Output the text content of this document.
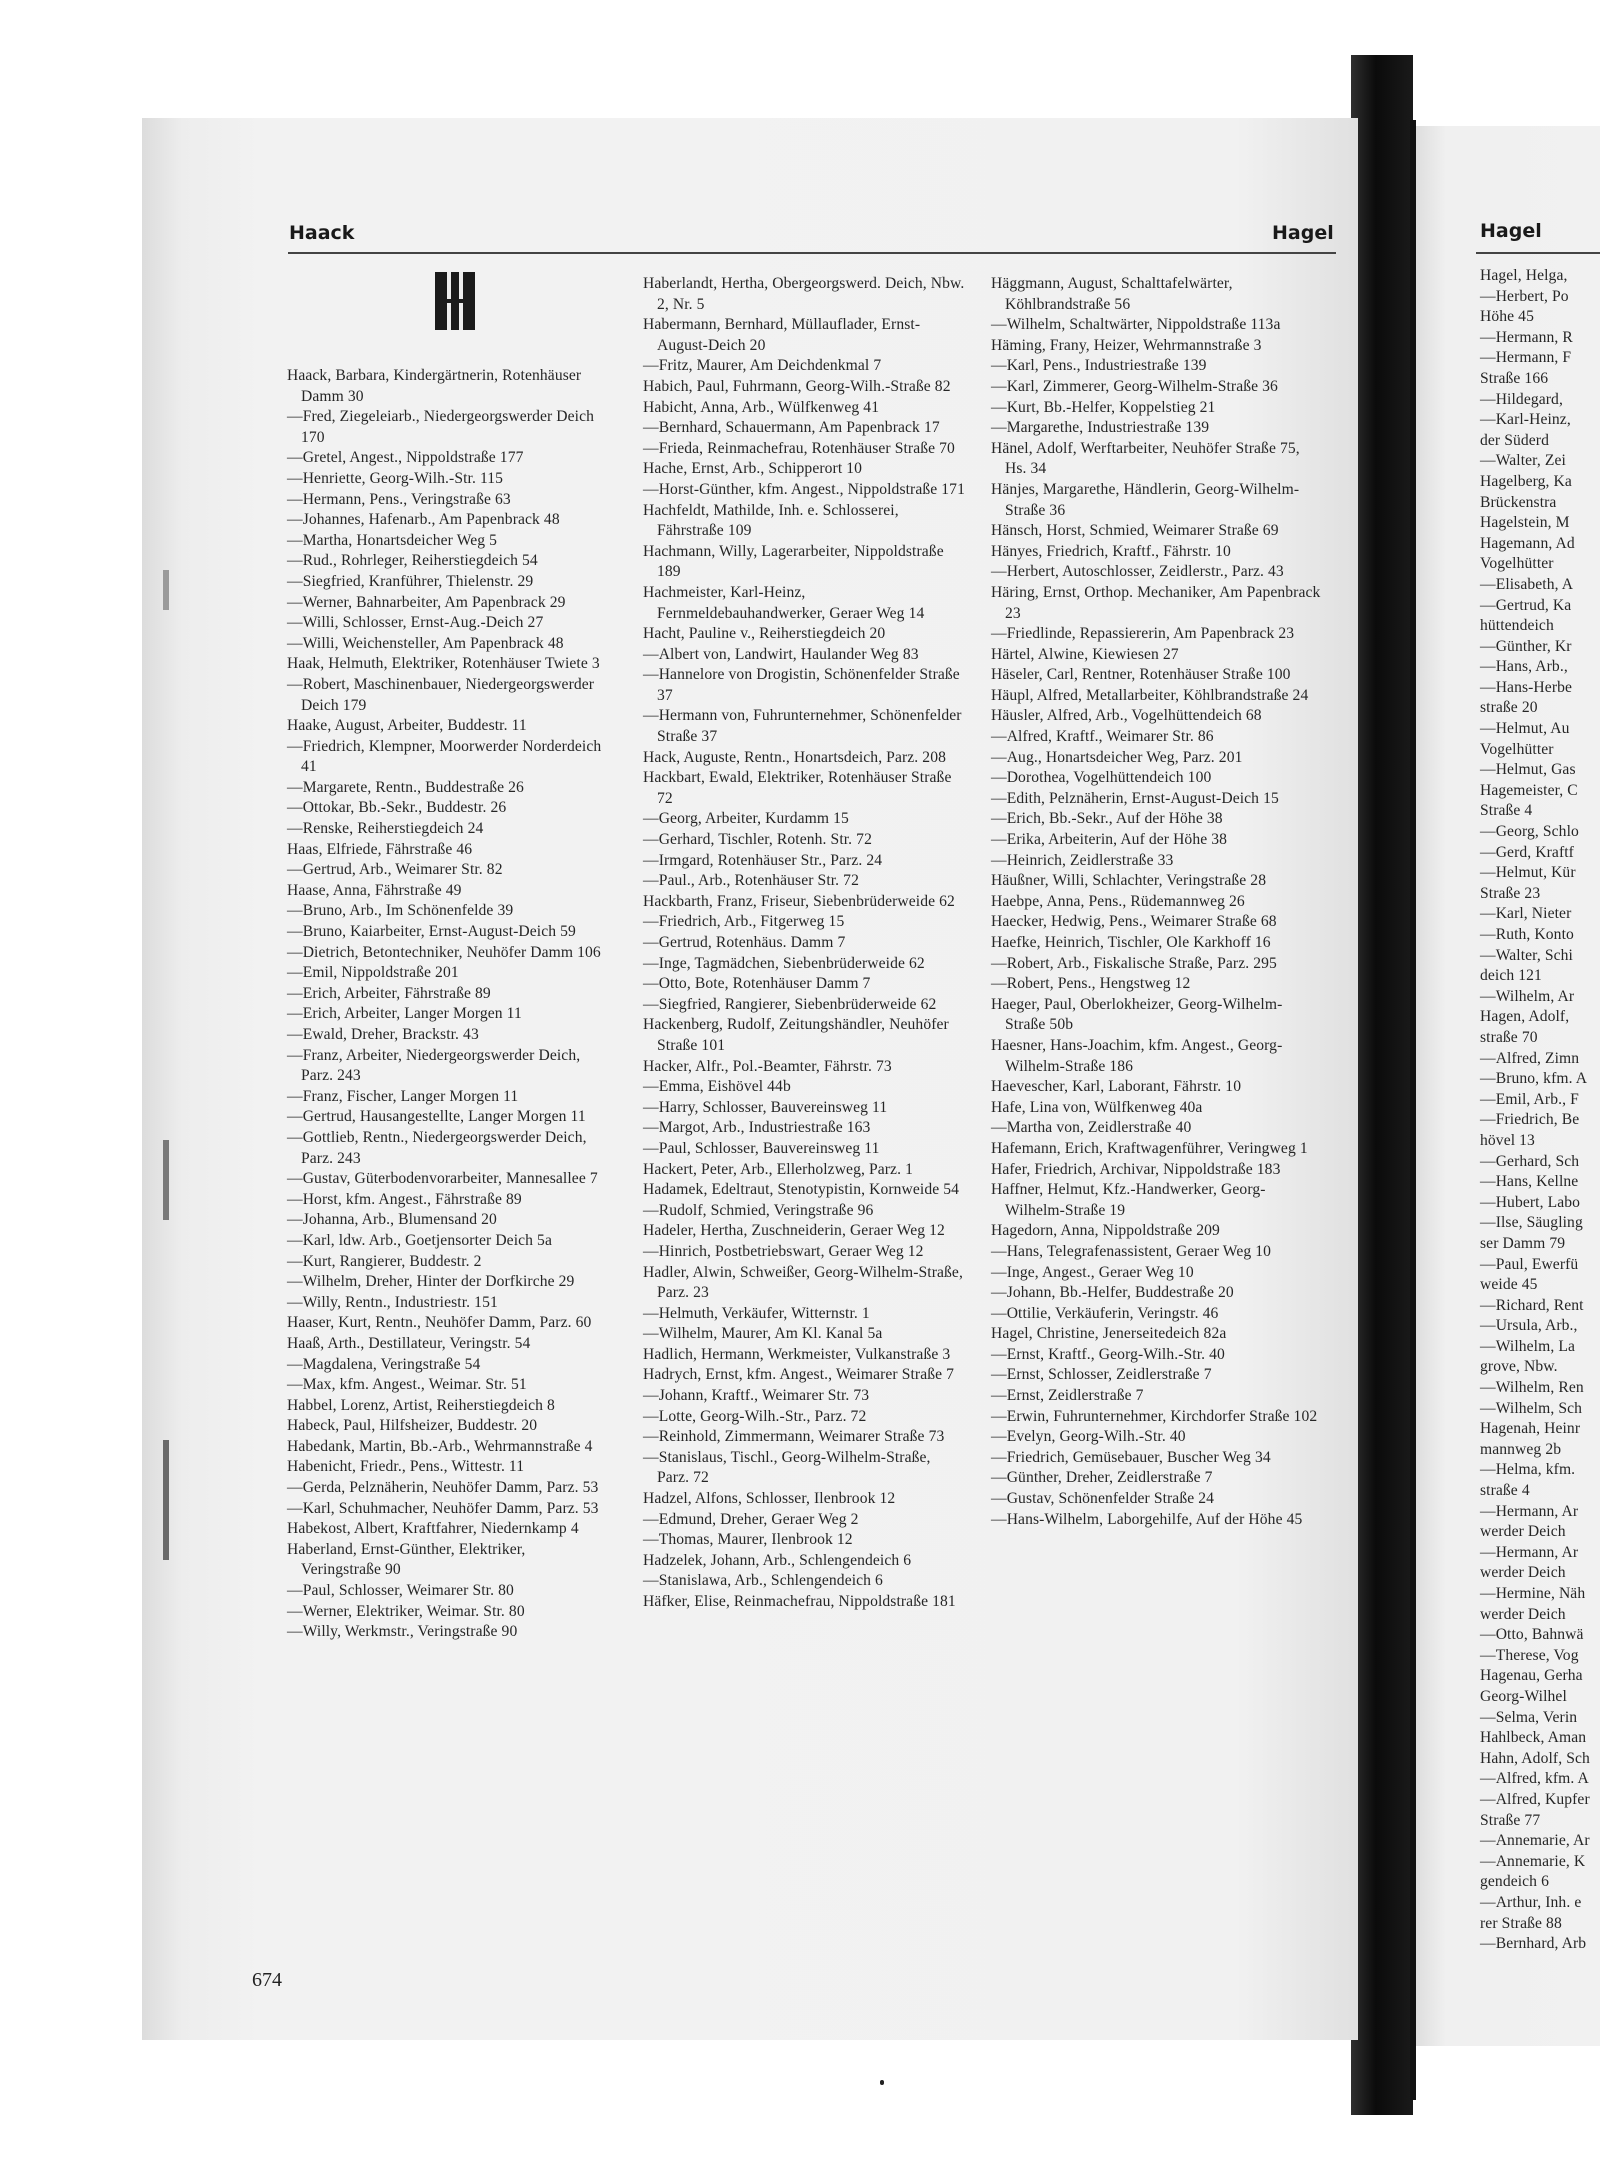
Hagel, Helga,
—Herbert, Po
Höhe 45
—Hermann, R
—Hermann, F
Straße 166
—Hildegard,
—Karl-Heinz,
der Süderd
—Walter, Zei
Hagelberg, Ka
Brückenstra
Hagelstein, M
Hagemann, Ad
Vogelhütter
—Elisabeth, A
—Gertrud, Ka
hüttendeich
—Günther, Kr
—Hans, Arb.,
—Hans-Herbe
straße 20
—Helmut, Au
Vogelhütter
—Helmut, Gas
Hagemeister, C
Straße 4
—Georg, Schlo
—Gerd, Kraftf
—Helmut, Kür
Straße 23
—Karl, Nieter
—Ruth, Konto
—Walter, Schi
deich 121
—Wilhelm, Ar
Hagen, Adolf,
straße 70
—Alfred, Zimn
—Bruno, kfm. A
—Emil, Arb., F
—Friedrich, Be
hövel 13
—Gerhard, Sch
—Hans, Kellne
—Hubert, Labo
—Ilse, Säugling
ser Damm 79
—Paul, Ewerfü
weide 45
—Richard, Rent
—Ursula, Arb.,
—Wilhelm, La
grove, Nbw.
—Wilhelm, Ren
—Wilhelm, Sch
Hagenah, Heinr
mannweg 2b
—Helma, kfm.
straße 4
—Hermann, Ar
werder Deich
—Hermann, Ar
werder Deich
—Hermine, Näh
werder Deich
—Otto, Bahnwä
—Therese, Vog
Hagenau, Gerha
Georg-Wilhel
—Selma, Verin
Hahlbeck, Aman
Hahn, Adolf, Sch
—Alfred, kfm. A
—Alfred, Kupfer
Straße 77
—Annemarie, Ar
—Annemarie, K
gendeich 6
—Arthur, Inh. e
rer Straße 88
—Bernhard, Arb
Haack	Hagel	Hagel
Haack, Barbara, Kindergärtnerin, Rotenhäuser Damm 30
—Fred, Ziegeleiarb., Niedergeorgswerder Deich 170
—Gretel, Angest., Nippoldstraße 177
—Henriette, Georg-Wilh.-Str. 115
—Hermann, Pens., Veringstraße 63
—Johannes, Hafenarb., Am Papenbrack 48
—Martha, Honartsdeicher Weg 5
—Rud., Rohrleger, Reiherstiegdeich 54
—Siegfried, Kranführer, Thielenstr. 29
—Werner, Bahnarbeiter, Am Papenbrack 29
—Willi, Schlosser, Ernst-Aug.-Deich 27
—Willi, Weichensteller, Am Papenbrack 48
Haak, Helmuth, Elektriker, Rotenhäuser Twiete 3
—Robert, Maschinenbauer, Niedergeorgswerder Deich 179
Haake, August, Arbeiter, Buddestr. 11
—Friedrich, Klempner, Moorwerder Norderdeich 41
—Margarete, Rentn., Buddestraße 26
—Ottokar, Bb.-Sekr., Buddestr. 26
—Renske, Reiherstiegdeich 24
Haas, Elfriede, Fährstraße 46
—Gertrud, Arb., Weimarer Str. 82
Haase, Anna, Fährstraße 49
—Bruno, Arb., Im Schönenfelde 39
—Bruno, Kaiarbeiter, Ernst-August-Deich 59
—Dietrich, Betontechniker, Neuhöfer Damm 106
—Emil, Nippoldstraße 201
—Erich, Arbeiter, Fährstraße 89
—Erich, Arbeiter, Langer Morgen 11
—Ewald, Dreher, Brackstr. 43
—Franz, Arbeiter, Niedergeorgswerder Deich, Parz. 243
—Franz, Fischer, Langer Morgen 11
—Gertrud, Hausangestellte, Langer Morgen 11
—Gottlieb, Rentn., Niedergeorgswerder Deich, Parz. 243
—Gustav, Güterbodenvorarbeiter, Mannesallee 7
—Horst, kfm. Angest., Fährstraße 89
—Johanna, Arb., Blumensand 20
—Karl, ldw. Arb., Goetjensorter Deich 5a
—Kurt, Rangierer, Buddestr. 2
—Wilhelm, Dreher, Hinter der Dorfkirche 29
—Willy, Rentn., Industriestr. 151
Haaser, Kurt, Rentn., Neuhöfer Damm, Parz. 60
Haaß, Arth., Destillateur, Veringstr. 54
—Magdalena, Veringstraße 54
—Max, kfm. Angest., Weimar. Str. 51
Habbel, Lorenz, Artist, Reiherstiegdeich 8
Habeck, Paul, Hilfsheizer, Buddestr. 20
Habedank, Martin, Bb.-Arb., Wehrmannstraße 4
Habenicht, Friedr., Pens., Wittestr. 11
—Gerda, Pelznäherin, Neuhöfer Damm, Parz. 53
—Karl, Schuhmacher, Neuhöfer Damm, Parz. 53
Habekost, Albert, Kraftfahrer, Niedernkamp 4
Haberland, Ernst-Günther, Elektriker, Veringstraße 90
—Paul, Schlosser, Weimarer Str. 80
—Werner, Elektriker, Weimar. Str. 80
—Willy, Werkmstr., Veringstraße 90
Haberlandt, Hertha, Obergeorgswerd. Deich, Nbw. 2, Nr. 5
Habermann, Bernhard, Müllauflader, Ernst-August-Deich 20
—Fritz, Maurer, Am Deichdenkmal 7
Habich, Paul, Fuhrmann, Georg-Wilh.-Straße 82
Habicht, Anna, Arb., Wülfkenweg 41
—Bernhard, Schauermann, Am Papenbrack 17
—Frieda, Reinmachefrau, Rotenhäuser Straße 70
Hache, Ernst, Arb., Schipperort 10
—Horst-Günther, kfm. Angest., Nippoldstraße 171
Hachfeldt, Mathilde, Inh. e. Schlosserei, Fährstraße 109
Hachmann, Willy, Lagerarbeiter, Nippoldstraße 189
Hachmeister, Karl-Heinz, Fernmeldebauhandwerker, Geraer Weg 14
Hacht, Pauline v., Reiherstiegdeich 20
—Albert von, Landwirt, Haulander Weg 83
—Hannelore von Drogistin, Schönenfelder Straße 37
—Hermann von, Fuhrunternehmer, Schönenfelder Straße 37
Hack, Auguste, Rentn., Honartsdeich, Parz. 208
Hackbart, Ewald, Elektriker, Rotenhäuser Straße 72
—Georg, Arbeiter, Kurdamm 15
—Gerhard, Tischler, Rotenh. Str. 72
—Irmgard, Rotenhäuser Str., Parz. 24
—Paul., Arb., Rotenhäuser Str. 72
Hackbarth, Franz, Friseur, Siebenbrüderweide 62
—Friedrich, Arb., Fitgerweg 15
—Gertrud, Rotenhäus. Damm 7
—Inge, Tagmädchen, Siebenbrüderweide 62
—Otto, Bote, Rotenhäuser Damm 7
—Siegfried, Rangierer, Siebenbrüderweide 62
Hackenberg, Rudolf, Zeitungshändler, Neuhöfer Straße 101
Hacker, Alfr., Pol.-Beamter, Fährstr. 73
—Emma, Eishövel 44b
—Harry, Schlosser, Bauvereinsweg 11
—Margot, Arb., Industriestraße 163
—Paul, Schlosser, Bauvereinsweg 11
Hackert, Peter, Arb., Ellerholzweg, Parz. 1
Hadamek, Edeltraut, Stenotypistin, Kornweide 54
—Rudolf, Schmied, Veringstraße 96
Hadeler, Hertha, Zuschneiderin, Geraer Weg 12
—Hinrich, Postbetriebswart, Geraer Weg 12
Hadler, Alwin, Schweißer, Georg-Wilhelm-Straße, Parz. 23
—Helmuth, Verkäufer, Witternstr. 1
—Wilhelm, Maurer, Am Kl. Kanal 5a
Hadlich, Hermann, Werkmeister, Vulkanstraße 3
Hadrych, Ernst, kfm. Angest., Weimarer Straße 7
—Johann, Kraftf., Weimarer Str. 73
—Lotte, Georg-Wilh.-Str., Parz. 72
—Reinhold, Zimmermann, Weimarer Straße 73
—Stanislaus, Tischl., Georg-Wilhelm-Straße, Parz. 72
Hadzel, Alfons, Schlosser, Ilenbrook 12
—Edmund, Dreher, Geraer Weg 2
—Thomas, Maurer, Ilenbrook 12
Hadzelek, Johann, Arb., Schlengendeich 6
—Stanislawa, Arb., Schlengendeich 6
Häfker, Elise, Reinmachefrau, Nippoldstraße 181
Häggmann, August, Schalttafelwärter, Köhlbrandstraße 56
—Wilhelm, Schaltwärter, Nippoldstraße 113a
Häming, Frany, Heizer, Wehrmannstraße 3
—Karl, Pens., Industriestraße 139
—Karl, Zimmerer, Georg-Wilhelm-Straße 36
—Kurt, Bb.-Helfer, Koppelstieg 21
—Margarethe, Industriestraße 139
Hänel, Adolf, Werftarbeiter, Neuhöfer Straße 75, Hs. 34
Hänjes, Margarethe, Händlerin, Georg-Wilhelm-Straße 36
Hänsch, Horst, Schmied, Weimarer Straße 69
Hänyes, Friedrich, Kraftf., Fährstr. 10
—Herbert, Autoschlosser, Zeidlerstr., Parz. 43
Häring, Ernst, Orthop. Mechaniker, Am Papenbrack 23
—Friedlinde, Repassiererin, Am Papenbrack 23
Härtel, Alwine, Kiewiesen 27
Häseler, Carl, Rentner, Rotenhäuser Straße 100
Häupl, Alfred, Metallarbeiter, Köhlbrandstraße 24
Häusler, Alfred, Arb., Vogelhüttendeich 68
—Alfred, Kraftf., Weimarer Str. 86
—Aug., Honartsdeicher Weg, Parz. 201
—Dorothea, Vogelhüttendeich 100
—Edith, Pelznäherin, Ernst-August-Deich 15
—Erich, Bb.-Sekr., Auf der Höhe 38
—Erika, Arbeiterin, Auf der Höhe 38
—Heinrich, Zeidlerstraße 33
Häußner, Willi, Schlachter, Veringstraße 28
Haebpe, Anna, Pens., Rüdemannweg 26
Haecker, Hedwig, Pens., Weimarer Straße 68
Haefke, Heinrich, Tischler, Ole Karkhoff 16
—Robert, Arb., Fiskalische Straße, Parz. 295
—Robert, Pens., Hengstweg 12
Haeger, Paul, Oberlokheizer, Georg-Wilhelm-Straße 50b
Haesner, Hans-Joachim, kfm. Angest., Georg-Wilhelm-Straße 186
Haevescher, Karl, Laborant, Fährstr. 10
Hafe, Lina von, Wülfkenweg 40a
—Martha von, Zeidlerstraße 40
Hafemann, Erich, Kraftwagenführer, Veringweg 1
Hafer, Friedrich, Archivar, Nippoldstraße 183
Haffner, Helmut, Kfz.-Handwerker, Georg-Wilhelm-Straße 19
Hagedorn, Anna, Nippoldstraße 209
—Hans, Telegrafenassistent, Geraer Weg 10
—Inge, Angest., Geraer Weg 10
—Johann, Bb.-Helfer, Buddestraße 20
—Ottilie, Verkäuferin, Veringstr. 46
Hagel, Christine, Jenerseitedeich 82a
—Ernst, Kraftf., Georg-Wilh.-Str. 40
—Ernst, Schlosser, Zeidlerstraße 7
—Ernst, Zeidlerstraße 7
—Erwin, Fuhrunternehmer, Kirchdorfer Straße 102
—Evelyn, Georg-Wilh.-Str. 40
—Friedrich, Gemüsebauer, Buscher Weg 34
—Günther, Dreher, Zeidlerstraße 7
—Gustav, Schönenfelder Straße 24
—Hans-Wilhelm, Laborgehilfe, Auf der Höhe 45
674
